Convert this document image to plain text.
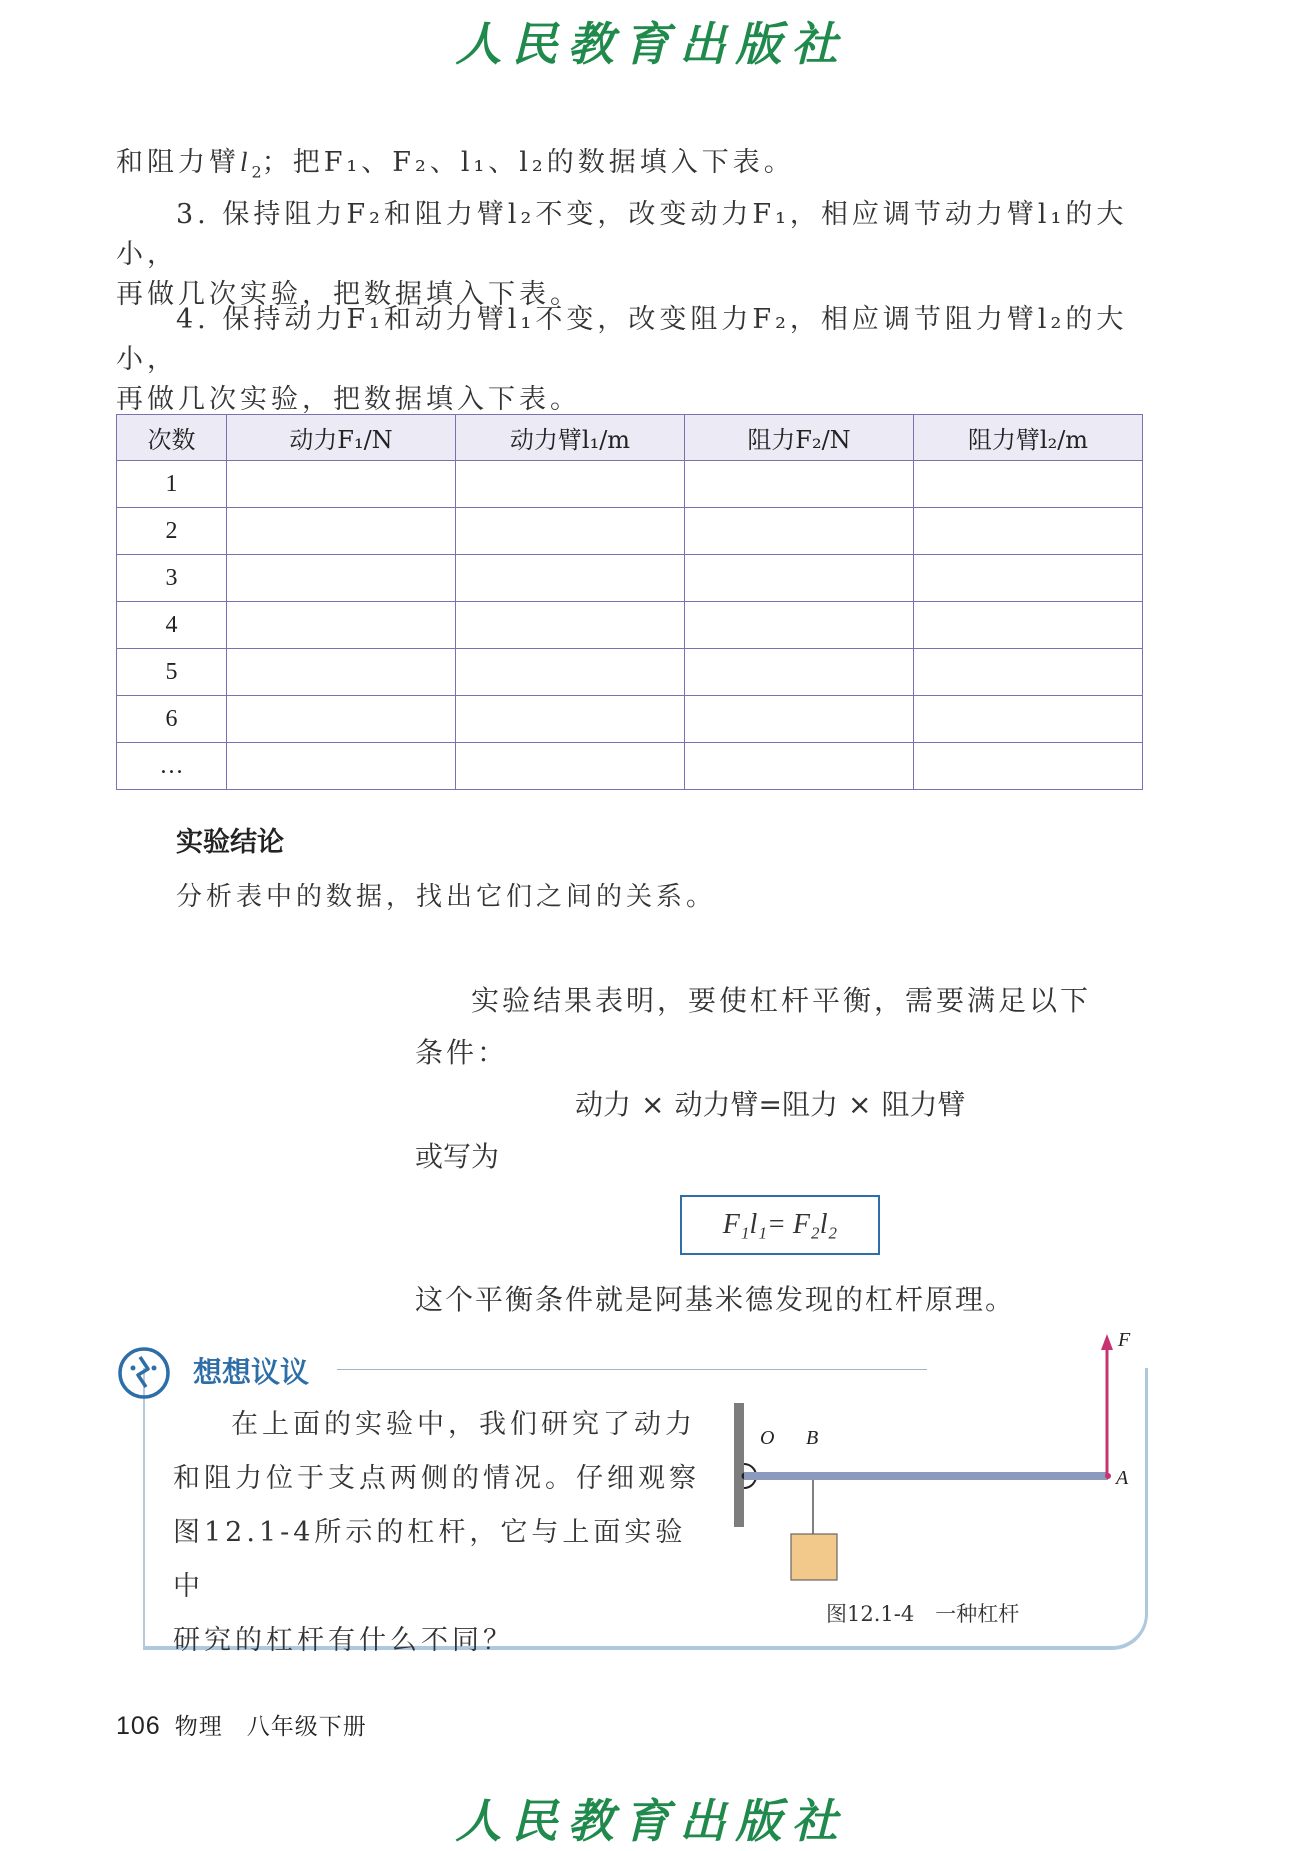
人民教育出版社
和阻力臂$l_2$；把F₁、F₂、l₁、l₂的数据填入下表。
3. 保持阻力F₂和阻力臂l₂不变，改变动力F₁，相应调节动力臂l₁的大小，
再做几次实验，把数据填入下表。
4. 保持动力F₁和动力臂l₁不变，改变阻力F₂，相应调节阻力臂l₂的大小，
再做几次实验，把数据填入下表。
次数	动力F₁/N	动力臂l₁/m	阻力F₂/N	阻力臂l₂/m
1				
2				
3				
4				
5				
6				
…				
实验结论
分析表中的数据，找出它们之间的关系。
实验结果表明，要使杠杆平衡，需要满足以下
条件：
动力 × 动力臂=阻力 × 阻力臂
或写为
F₁l₁= F₂l₂
这个平衡条件就是阿基米德发现的杠杆原理。
想想议议
在上面的实验中，我们研究了动力
和阻力位于支点两侧的情况。仔细观察
图12.1-4所示的杠杆，它与上面实验中
研究的杠杆有什么不同？
F
O B
A
图12.1-4　一种杠杆
106 物理 八年级下册
人民教育出版社
